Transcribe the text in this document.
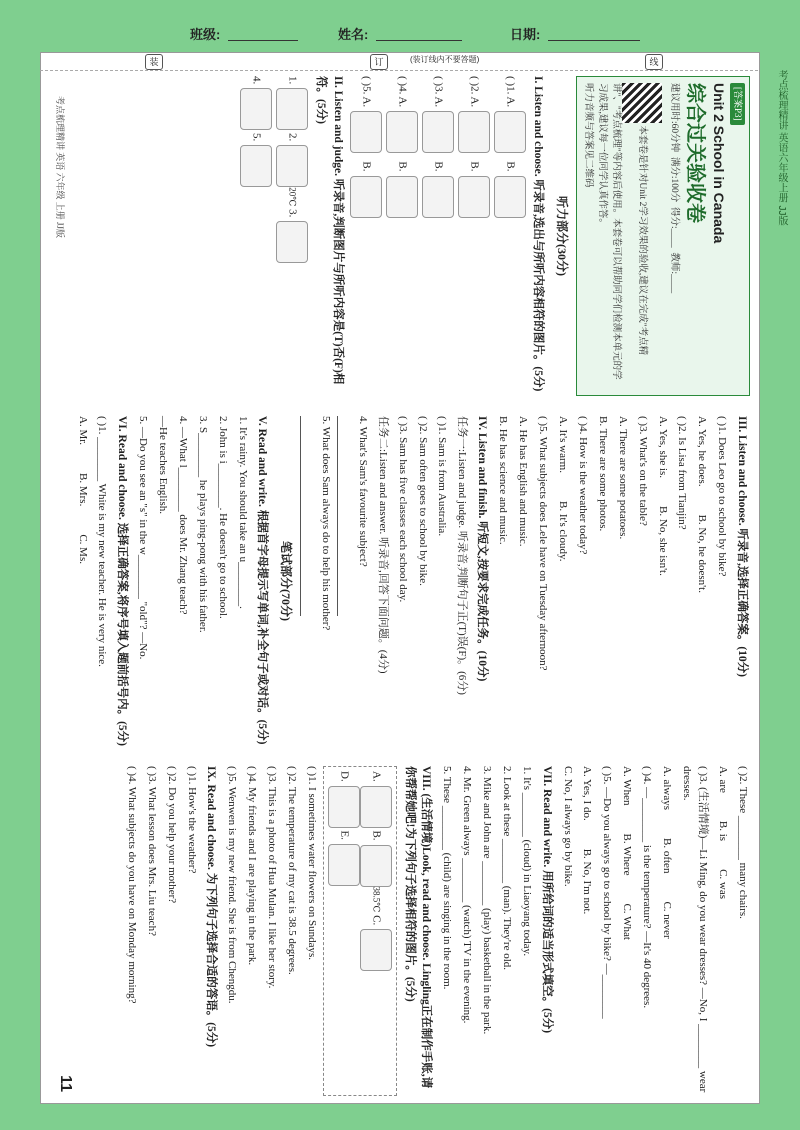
班级:	姓名:	日期:
考点梳理精讲 英语六年级上册 JJ版
装	订	线
(装订线内不要答题)
[答案P3]
Unit 2 School in Canada
综合过关验收卷
建议用时:60分钟  满分:100分  得分:____  教师:____
本套卷是针对Unit 2学习效果的验收,建议在完成"考点精讲"、"考点梳理"等内容后使用。本套卷可以帮助同学们检测本单元的学习成果,建议每一位同学认真作答。
听力音频与答案见二维码
听力部分(30分)

I. Listen and choose. 听录音,选出与所听内容相符的图片。(5分)

( )1. A.   B.

( )2. A.   B.

( )3. A.   B.

( )4. A.   B.

( )5. A.   B.

II. Listen and judge. 听录音,判断图片与所听内容是(T)否(F)相符。(5分)

1. 2.20℃ 3.

4. 5.

III. Listen and choose. 听录音,选择正确答案。(10分)

( )1. Does Leo go to school by bike?

A. Yes, he does.B. No, he doesn't.

( )2. Is Lisa from Tianjin?

A. Yes, she is.B. No, she isn't.

( )3. What's on the table?

A. There are some potatoes.

B. There are some photos.

( )4. How is the weather today?

A. It's warm.B. It's cloudy.

( )5. What subjects does Lele have on Tuesday afternoon?

A. He has English and music.

B. He has science and music.

IV. Listen and finish. 听短文,按要求完成任务。(10分)

任务一:Listen and judge. 听录音,判断句子正(T)误(F)。(6分)

( )1. Sam is from Australia.

( )2. Sam often goes to school by bike.

( )3. Sam has five classes each school day.

任务二:Listen and answer. 听录音,回答下面问题。(4分)

4. What's Sam's favourite subject?

5. What does Sam always do to help his mother?

笔试部分(70分)

V. Read and write. 根据首字母提示写单词,补全句子或对话。(5分)

1. It's rainy. You should take an u________.

2. John is i________. He doesn't go to school.

3. S________ he plays ping-pong with his father.

4. —What l________ does Mr. Zhang teach?

—He teaches English.

5. —Do you see an "s" in the w________ "old"? —No.

VI. Read and choose. 选择正确答案,将序号填入题前括号内。(5分)

( )1. ________ White is my new teacher. He is very nice.

A. Mr.B. Mrs.C. Ms.

( )2. These ________ many chairs.

A. areB. isC. was

( )3. (生活情境)—Li Ming, do you wear dresses? —No, I ________ wear dresses.

A. alwaysB. oftenC. never

( )4. —________ is the temperature? —It's 40 degrees.

A. WhenB. WhereC. What

( )5. —Do you always go to school by bike? —________

A. Yes, I do.B. No, I'm not.

C. No, I always go by bike.

VII. Read and write. 用所给词的适当形式填空。(5分)

1. It's ________ (cloud) in Liaoyang today.

2. Look at these ________ (man). They're old.

3. Mike and John are ________ (play) basketball in the park.

4. Mr. Green always ________ (watch) TV in the evening.

5. These ________ (child) are singing in the room.

VIII. (生活情境)Look, read and choose. Lingling正在制作手账,请你帮帮她吧!为下列句子选择相符的图片。(5分)

A. B.38.5℃ C.
D. E.

( )1. I sometimes water flowers on Sundays.

( )2. The temperature of my cat is 38.5 degrees.

( )3. This is a photo of Hua Mulan. I like her story.

( )4. My friends and I are playing in the park.

( )5. Wenwen is my new friend. She is from Chengdu.

IX. Read and choose. 为下列句子选择合适的答语。(5分)

( )1. How's the weather?

( )2. Do you help your mother?

( )3. What lesson does Mrs. Liu teach?

( )4. What subjects do you have on Monday morning?

考点梳理精讲 英语 六年级 上册 JJ版
11
